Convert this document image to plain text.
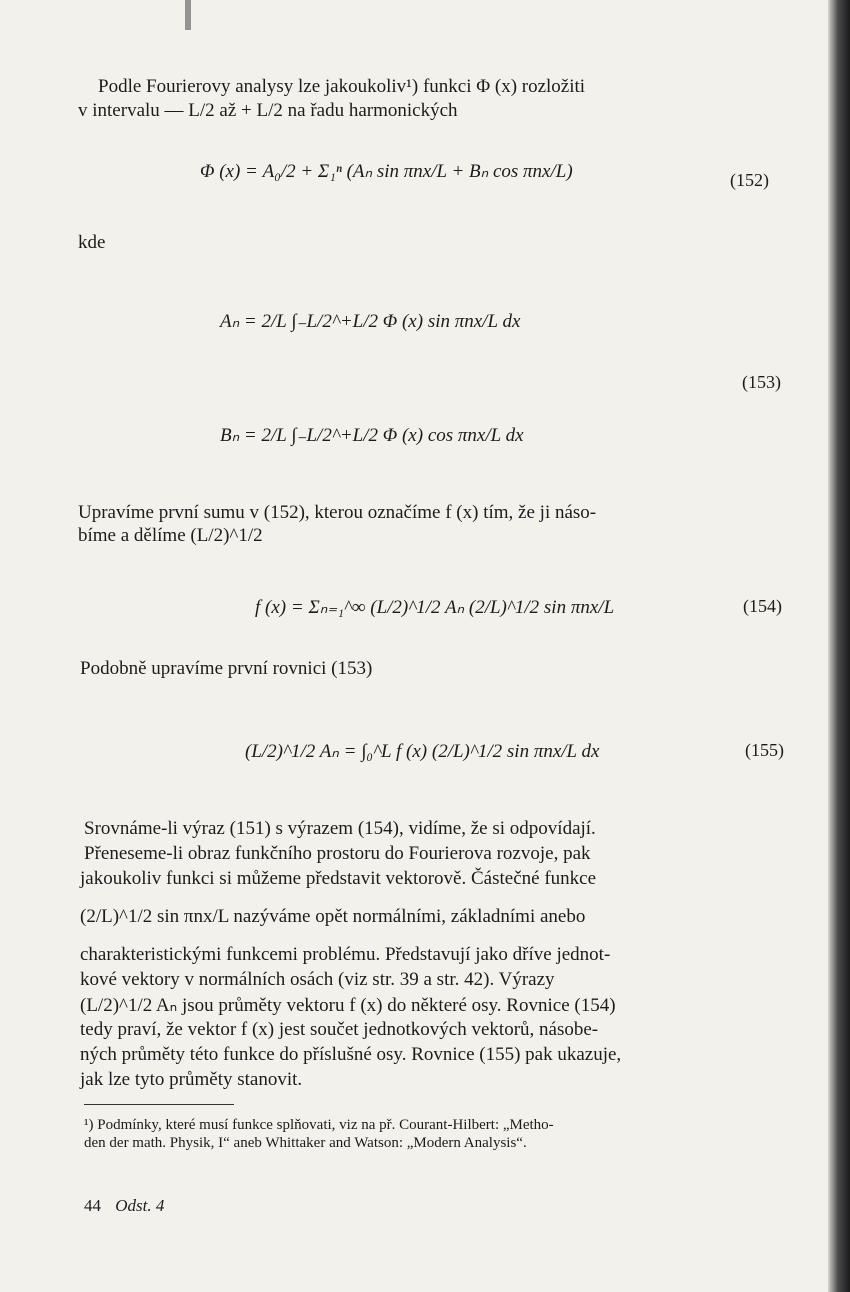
Podle Fourierovy analysy lze jakoukoliv¹) funkci Φ (x) rozložiti
v intervalu — L/2 až + L/2 na řadu harmonických
Φ (x) = A₀/2 + Σ₁ⁿ (Aₙ sin πnx/L + Bₙ cos πnx/L)	(152)
kde
Aₙ = 2/L ∫₋L/2^+L/2 Φ (x) sin πnx/L dx
Bₙ = 2/L ∫₋L/2^+L/2 Φ (x) cos πnx/L dx
(153)
Upravíme první sumu v (152), kterou označíme f (x) tím, že ji náso-
bíme a dělíme (L/2)^1/2
f (x) = Σₙ₌₁^∞ (L/2)^1/2 Aₙ (2/L)^1/2 sin πnx/L	(154)
Podobně upravíme první rovnici (153)
(L/2)^1/2 Aₙ = ∫₀^L f (x) (2/L)^1/2 sin πnx/L dx	(155)
Srovnáme-li výraz (151) s výrazem (154), vidíme, že si odpovídají.
Přeneseme-li obraz funkčního prostoru do Fourierova rozvoje, pak
jakoukoliv funkci si můžeme představit vektorově. Částečné funkce
(2/L)^1/2 sin πnx/L nazýváme opět normálními, základními anebo
charakteristickými funkcemi problému. Představují jako dříve jednot-
kové vektory v normálních osách (viz str. 39 a str. 42). Výrazy
(L/2)^1/2 Aₙ jsou průměty vektoru f (x) do některé osy. Rovnice (154)
tedy praví, že vektor f (x) jest součet jednotkových vektorů, násobe-
ných průměty této funkce do příslušné osy. Rovnice (155) pak ukazuje,
jak lze tyto průměty stanovit.
¹) Podmínky, které musí funkce splňovati, viz na př. Courant-Hilbert: „Metho-
den der math. Physik, I“ aneb Whittaker and Watson: „Modern Analysis“.
44 Odst. 4
